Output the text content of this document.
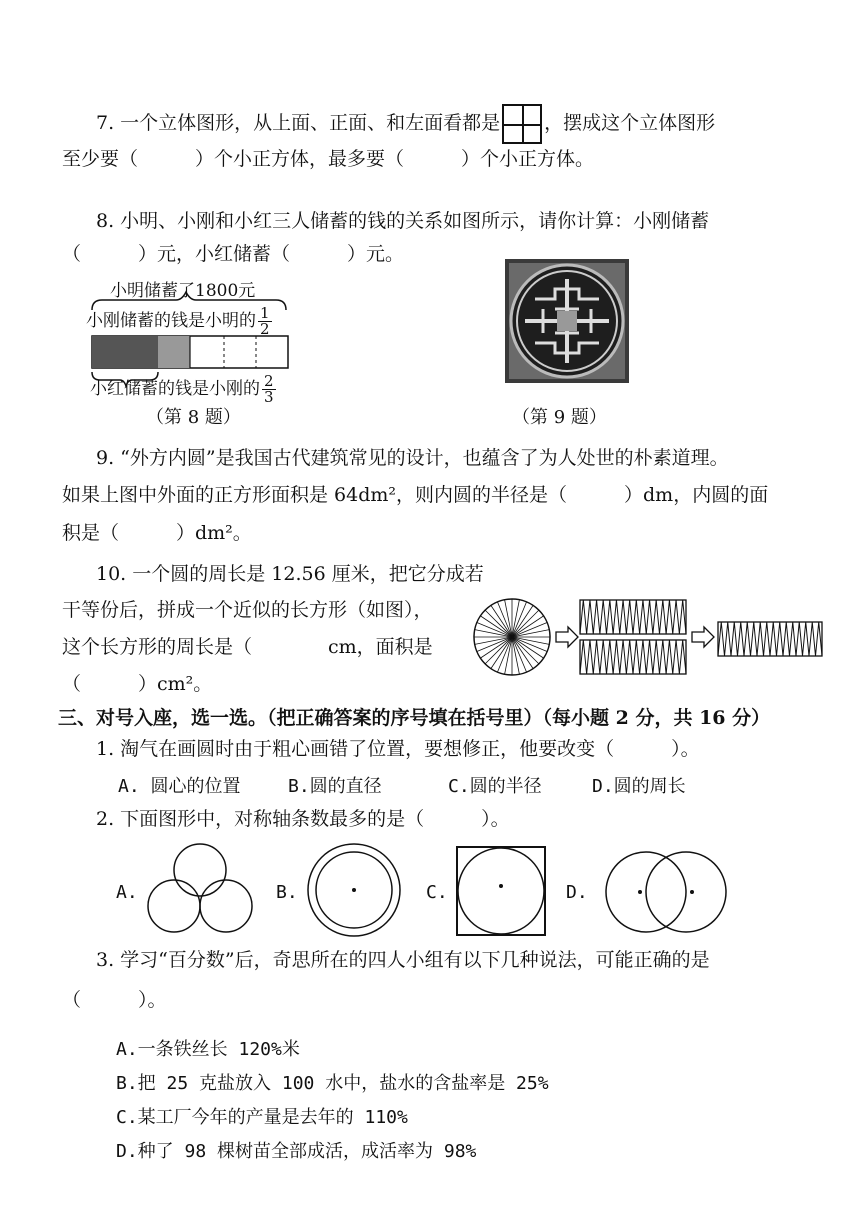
7. 一个立体图形，从上面、正面、和左面看都是 ，摆成这个立体图形
至少要（　　　）个小正方体，最多要（　　　）个小正方体。
8. 小明、小刚和小红三人储蓄的钱的关系如图所示，请你计算：小刚储蓄
（　　　）元，小红储蓄（　　　）元。
小明储蓄了1800元
小刚储蓄的钱是小明的 $\frac{1}{2}$
小红储蓄的钱是小刚的 $\frac{2}{3}$
（第 8 题）	（第 9 题）
9. “外方内圆”是我国古代建筑常见的设计，也蕴含了为人处世的朴素道理。
如果上图中外面的正方形面积是 64dm²，则内圆的半径是（　　　）dm，内圆的面
积是（　　　）dm²。
10. 一个圆的周长是 12.56 厘米，把它分成若
干等份后，拼成一个近似的长方形（如图），
这个长方形的周长是（　　　　cm，面积是
（　　　）cm²。
三、对号入座，选一选。（把正确答案的序号填在括号里）（每小题 2 分，共 16 分）
1. 淘气在画圆时由于粗心画错了位置，要想修正，他要改变（　　　）。
A. 圆心的位置	B.圆的直径	C.圆的半径	D.圆的周长
2. 下面图形中，对称轴条数最多的是（　　　）。
A.	B.	C.	D.
3. 学习“百分数”后，奇思所在的四人小组有以下几种说法，可能正确的是
（　　　）。
A.一条铁丝长 120%米
B.把 25 克盐放入 100 水中，盐水的含盐率是 25%
C.某工厂今年的产量是去年的 110%
D.种了 98 棵树苗全部成活，成活率为 98%
